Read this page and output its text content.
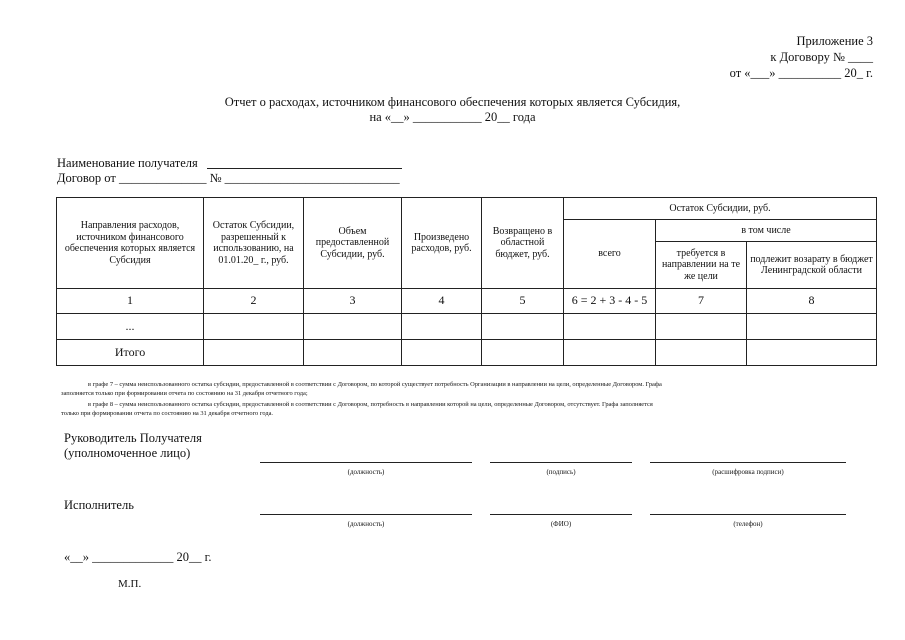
Приложение 3
к Договору № ____
от «___» __________ 20_ г.
Отчет о расходах, источником финансового обеспечения которых является Субсидия,
на «__» ___________ 20__ года
Наименование получателя
Договор от ______________ № ____________________________
Направления расходов, источником финансового обеспечения которых является Субсидия	Остаток Субсидии, разрешенный к использованию, на 01.01.20_ г., руб.	Объем предоставленной Субсидии, руб.	Произведено расходов, руб.	Возвращено в областной бюджет, руб.	Остаток Субсидии, руб.		
					всего	в том числе	
						требуется в направлении на те же цели	подлежит возарату в бюджет Ленинградской области
1	2	3	4	5	6 = 2 + 3 - 4 - 5	7	8
...							
Итого							
в графе 7 – сумма неиспользованного остатка субсидии, предоставленной в соответствии с Договором, по которой существует потребность Организации в направлении на цели, определенные Договором. Графа
заполняется только при формировании отчета по состоянию на 31 декабря отчетного года;
в графе 8 – сумма неиспользованного остатка субсидии, предоставленной в соответствии с Договором, потребность в направлении которой на цели, определенные Договором, отсутствует. Графа заполняется
только при формировании отчета по состоянию на 31 декабря отчетного года.
Руководитель Получателя
(уполномоченное лицо)
(должность)	(подпись)	(расшифровка подписи)
Исполнитель
(должность)	(ФИО)	(телефон)
«__» _____________ 20__ г.
М.П.
